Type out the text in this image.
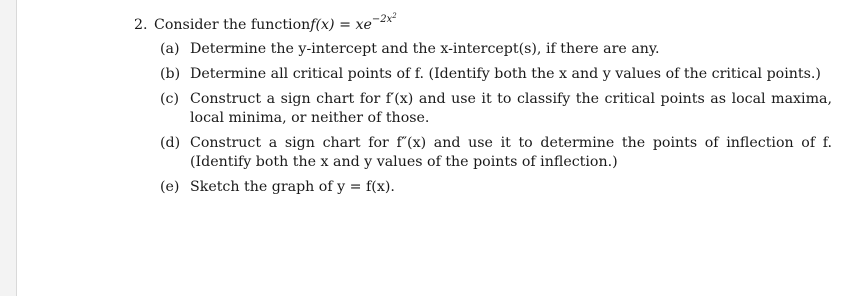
2. Consider the function f(x) = xe $-2x^2$
(a) Determine the y-intercept and the x-intercept(s), if there are any.
(b) Determine all critical points of f. (Identify both the x and y values of the critical points.)
(c) Construct a sign chart for f′(x) and use it to classify the critical points as local maxima, local minima, or neither of those.
(d) Construct a sign chart for f″(x) and use it to determine the points of inflection of f. (Identify both the x and y values of the points of inflection.)
(e) Sketch the graph of y = f(x).
